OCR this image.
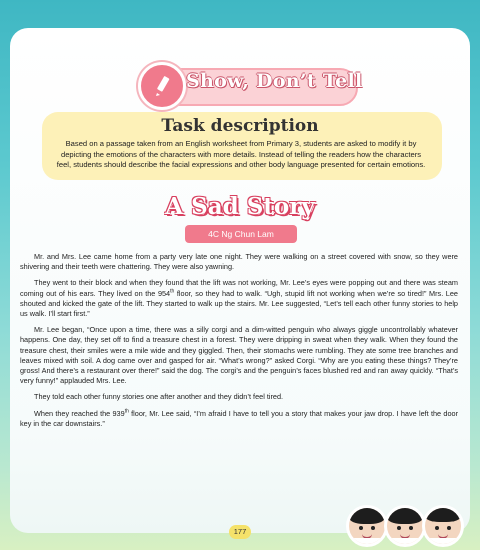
Show, Don’t Tell
Task description
Based on a passage taken from an English worksheet from Primary 3, students are asked to modify it by depicting the emotions of the characters with more details. Instead of telling the readers how the characters feel, students should describe the facial expressions and other body language presented for certain emotions.
A Sad Story
4C Ng Chun Lam

Mr. and Mrs. Lee came home from a party very late one night. They were walking on a street covered with snow, so they were shivering and their teeth were chattering. They were also yawning.

They went to their block and when they found that the lift was not working, Mr. Lee’s eyes were popping out and there was steam coming out of his ears. They lived on the 954th floor, so they had to walk. “Ugh, stupid lift not working when we’re so tired!” Mrs. Lee shouted and kicked the gate of the lift. They started to walk up the stairs. Mr. Lee suggested, “Let’s tell each other funny stories to help us walk. I’ll start first.”

Mr. Lee began, “Once upon a time, there was a silly corgi and a dim-witted penguin who always giggle uncontrollably whatever happens. One day, they set off to find a treasure chest in a forest. They were dripping in sweat when they walk. When they found the treasure chest, their smiles were a mile wide and they giggled. Then, their stomachs were rumbling. They ate some tree branches and leaves mixed with soil. A dog came over and gasped for air. “What’s wrong?” asked Corgi. “Why are you eating these things? They’re gross! And there’s a restaurant over there!” said the dog. The corgi’s and the penguin’s faces blushed red and ran away quickly. “That’s very funny!” applauded Mrs. Lee.

They told each other funny stories one after another and they didn’t feel tired.

When they reached the 939th floor, Mr. Lee said, “I’m afraid I have to tell you a story that makes your jaw drop. I have left the door key in the car downstairs.”

177
